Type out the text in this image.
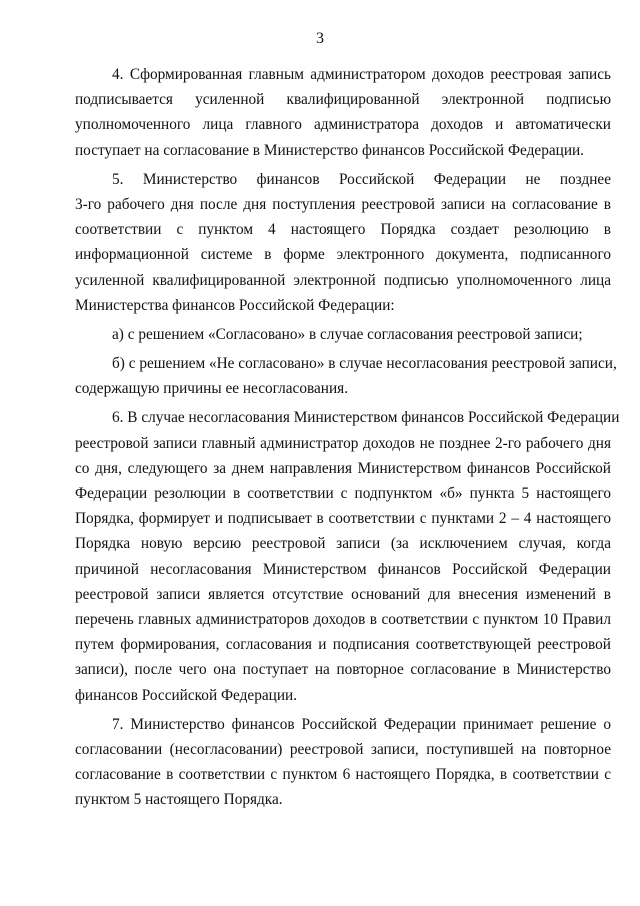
3
4. Сформированная главным администратором доходов реестровая запись
подписывается усиленной квалифицированной электронной подписью
уполномоченного лица главного администратора доходов и автоматически
поступает на согласование в Министерство финансов Российской Федерации.
5. Министерство финансов Российской Федерации не позднее
3-го рабочего дня после дня поступления реестровой записи на согласование в
соответствии с пунктом 4 настоящего Порядка создает резолюцию в
информационной системе в форме электронного документа, подписанного
усиленной квалифицированной электронной подписью уполномоченного лица
Министерства финансов Российской Федерации:
а) с решением «Согласовано» в случае согласования реестровой записи;
б) с решением «Не согласовано» в случае несогласования реестровой записи,
содержащую причины ее несогласования.
6. В случае несогласования Министерством финансов Российской Федерации
реестровой записи главный администратор доходов не позднее 2-го рабочего дня
со дня, следующего за днем направления Министерством финансов Российской
Федерации резолюции в соответствии с подпунктом «б» пункта 5 настоящего
Порядка, формирует и подписывает в соответствии с пунктами 2 – 4 настоящего
Порядка новую версию реестровой записи (за исключением случая, когда
причиной несогласования Министерством финансов Российской Федерации
реестровой записи является отсутствие оснований для внесения изменений в
перечень главных администраторов доходов в соответствии с пунктом 10 Правил
путем формирования, согласования и подписания соответствующей реестровой
записи), после чего она поступает на повторное согласование в Министерство
финансов Российской Федерации.
7. Министерство финансов Российской Федерации принимает решение о
согласовании (несогласовании) реестровой записи, поступившей на повторное
согласование в соответствии с пунктом 6 настоящего Порядка, в соответствии с
пунктом 5 настоящего Порядка.
